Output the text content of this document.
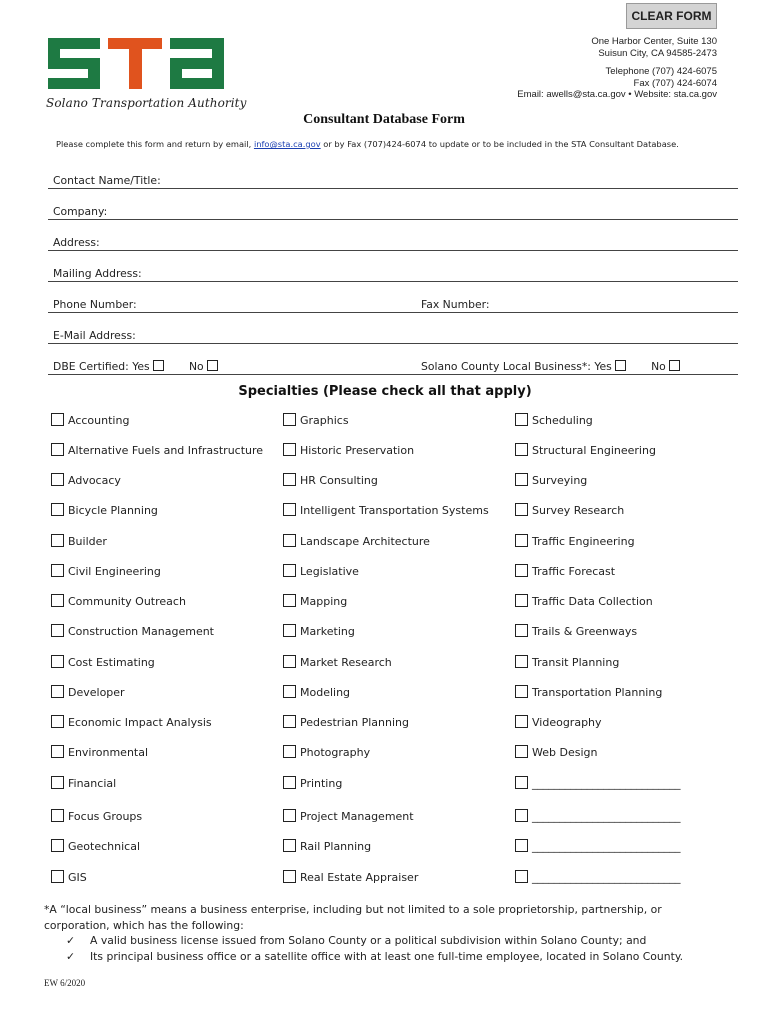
CLEAR FORM
Solano Transportation Authority
One Harbor Center, Suite 130
Suisun City, CA 94585-2473
Telephone (707) 424-6075
Fax (707) 424-6074
Email: awells@sta.ca.gov • Website: sta.ca.gov
Consultant Database Form
Please complete this form and return by email, info@sta.ca.gov or by Fax (707)424-6074 to update or to be included in the STA Consultant Database.
Contact Name/Title:
Company:
Address:
Mailing Address:
Phone Number:	Fax Number:
E-Mail Address:
DBE Certified: Yes	No	Solano County Local Business*: Yes	No
Specialties (Please check all that apply)
Accounting
Alternative Fuels and Infrastructure
Advocacy
Bicycle Planning
Builder
Civil Engineering
Community Outreach
Construction Management
Cost Estimating
Developer
Economic Impact Analysis
Environmental
Financial
Focus Groups
Geotechnical
GIS
Graphics
Historic Preservation
HR Consulting
Intelligent Transportation Systems
Landscape Architecture
Legislative
Mapping
Marketing
Market Research
Modeling
Pedestrian Planning
Photography
Printing
Project Management
Rail Planning
Real Estate Appraiser
Scheduling
Structural Engineering
Surveying
Survey Research
Traffic Engineering
Traffic Forecast
Traffic Data Collection
Trails & Greenways
Transit Planning
Transportation Planning
Videography
Web Design
___________________________
___________________________
___________________________
___________________________
*A “local business” means a business enterprise, including but not limited to a sole proprietorship, partnership, or
corporation, which has the following:
✓ A valid business license issued from Solano County or a political subdivision within Solano County; and
✓ Its principal business office or a satellite office with at least one full-time employee, located in Solano County.
EW 6/2020
